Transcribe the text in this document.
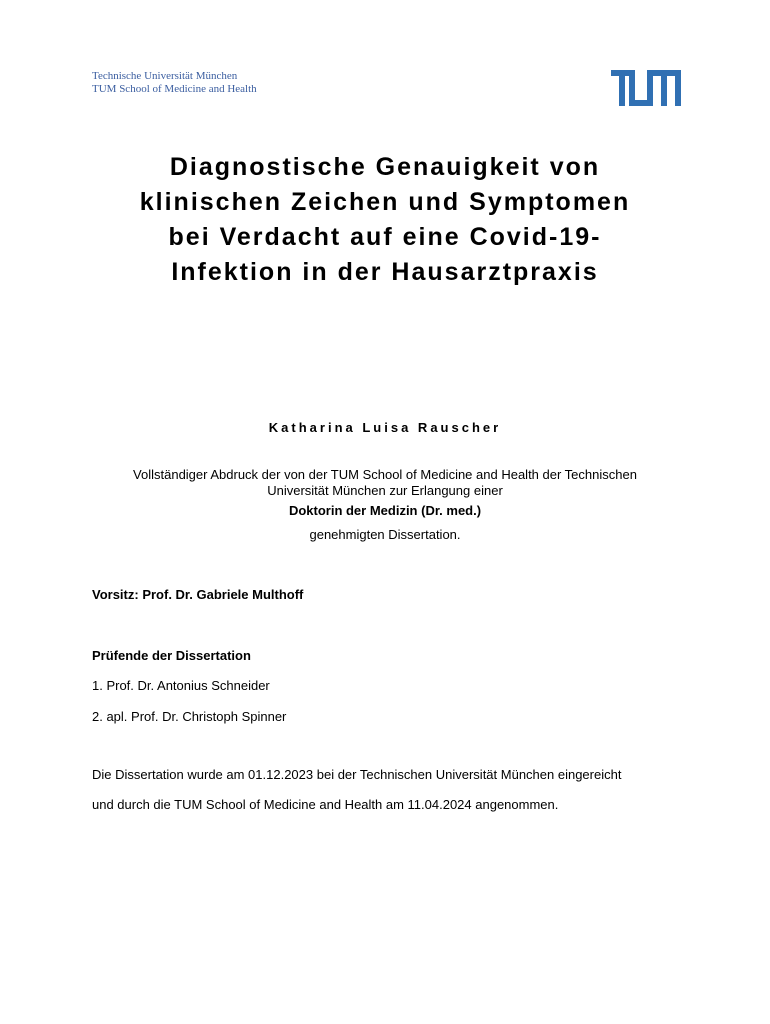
Technische Universität München
TUM School of Medicine and Health
Diagnostische Genauigkeit von
klinischen Zeichen und Symptomen
bei Verdacht auf eine Covid-19-
Infektion in der Hausarztpraxis
Katharina Luisa Rauscher
Vollständiger Abdruck der von der TUM School of Medicine and Health der Technischen
Universität München zur Erlangung einer
Doktorin der Medizin (Dr. med.)
genehmigten Dissertation.
Vorsitz: Prof. Dr. Gabriele Multhoff
Prüfende der Dissertation
1. Prof. Dr. Antonius Schneider
2. apl. Prof. Dr. Christoph Spinner
Die Dissertation wurde am 01.12.2023 bei der Technischen Universität München eingereicht
und durch die TUM School of Medicine and Health am 11.04.2024 angenommen.
